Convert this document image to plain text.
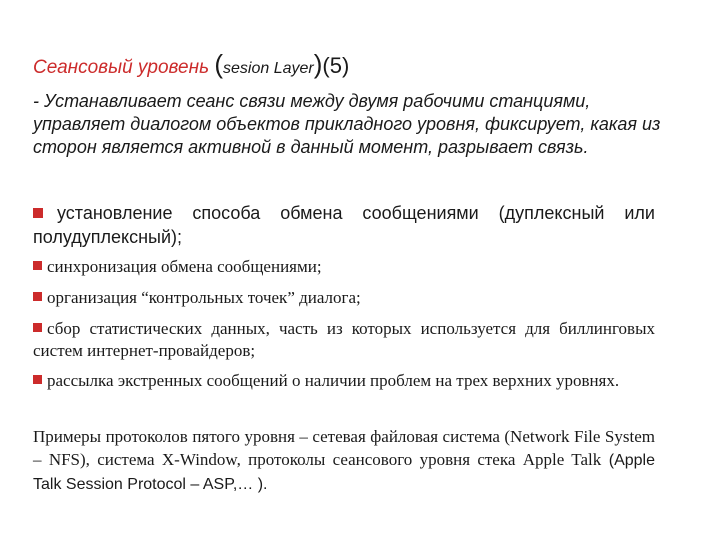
Сеансовый уровень (sesion Layer)(5)
- Устанавливает сеанс связи между двумя рабочими станциями, управляет диалогом объектов прикладного уровня, фиксирует, какая из сторон является активной в данный момент, разрывает связь.
установление способа обмена сообщениями (дуплексный или полудуплексный);
синхронизация обмена сообщениями;
организация “контрольных точек” диалога;
сбор статистических данных, часть из которых используется для биллинговых систем интернет-провайдеров;
рассылка экстренных сообщений о наличии проблем на трех верхних уровнях.
Примеры протоколов пятого уровня – сетевая файловая система (Network File System – NFS), система X-Window, протоколы сеансового уровня стека Apple Talk (Apple Talk Session Protocol – ASP,… ).
